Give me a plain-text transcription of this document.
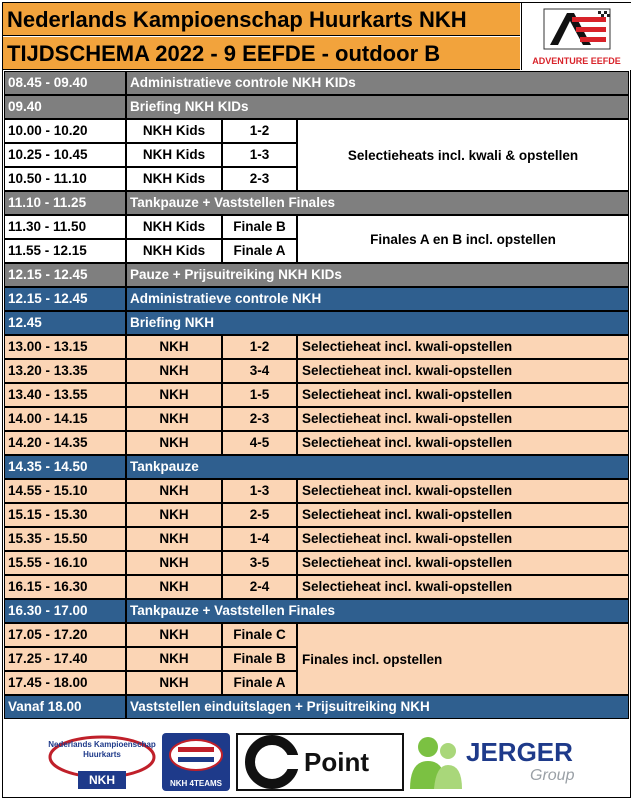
Nederlands Kampioenschap Huurkarts NKH
TIJDSCHEMA 2022 - 9 EEFDE - outdoor B	ADVENTURE EEFDE
08.45 - 09.40	Administratieve controle NKH KIDs
09.40	Briefing NKH KIDs
10.00 - 10.20	NKH Kids	1-2
10.25 - 10.45	NKH Kids	1-3
10.50 - 11.10	NKH Kids	2-3
Selectieheats incl. kwali & opstellen
11.10 - 11.25	Tankpauze + Vaststellen Finales
11.30 - 11.50	NKH Kids	Finale B
11.55 - 12.15	NKH Kids	Finale A
Finales A en B incl. opstellen
12.15 - 12.45	Pauze + Prijsuitreiking NKH KIDs
12.15 - 12.45	Administratieve controle NKH
12.45	Briefing NKH
13.00 - 13.15	NKH	1-2	Selectieheat incl. kwali-opstellen
13.20 - 13.35	NKH	3-4	Selectieheat incl. kwali-opstellen
13.40 - 13.55	NKH	1-5	Selectieheat incl. kwali-opstellen
14.00 - 14.15	NKH	2-3	Selectieheat incl. kwali-opstellen
14.20 - 14.35	NKH	4-5	Selectieheat incl. kwali-opstellen
14.35 - 14.50	Tankpauze
14.55 - 15.10	NKH	1-3	Selectieheat incl. kwali-opstellen
15.15 - 15.30	NKH	2-5	Selectieheat incl. kwali-opstellen
15.35 - 15.50	NKH	1-4	Selectieheat incl. kwali-opstellen
15.55 - 16.10	NKH	3-5	Selectieheat incl. kwali-opstellen
16.15 - 16.30	NKH	2-4	Selectieheat incl. kwali-opstellen
16.30 - 17.00	Tankpauze + Vaststellen Finales
17.05 - 17.20	NKH	Finale C
17.25 - 17.40	NKH	Finale B
17.45 - 18.00	NKH	Finale A
Finales incl. opstellen
Vanaf 18.00	Vaststellen einduitslagen + Prijsuitreiking NKH
Nederlands Kampioenschap
Huurkarts
NKH	NKH 4TEAMS
Point	JERGER
Group
